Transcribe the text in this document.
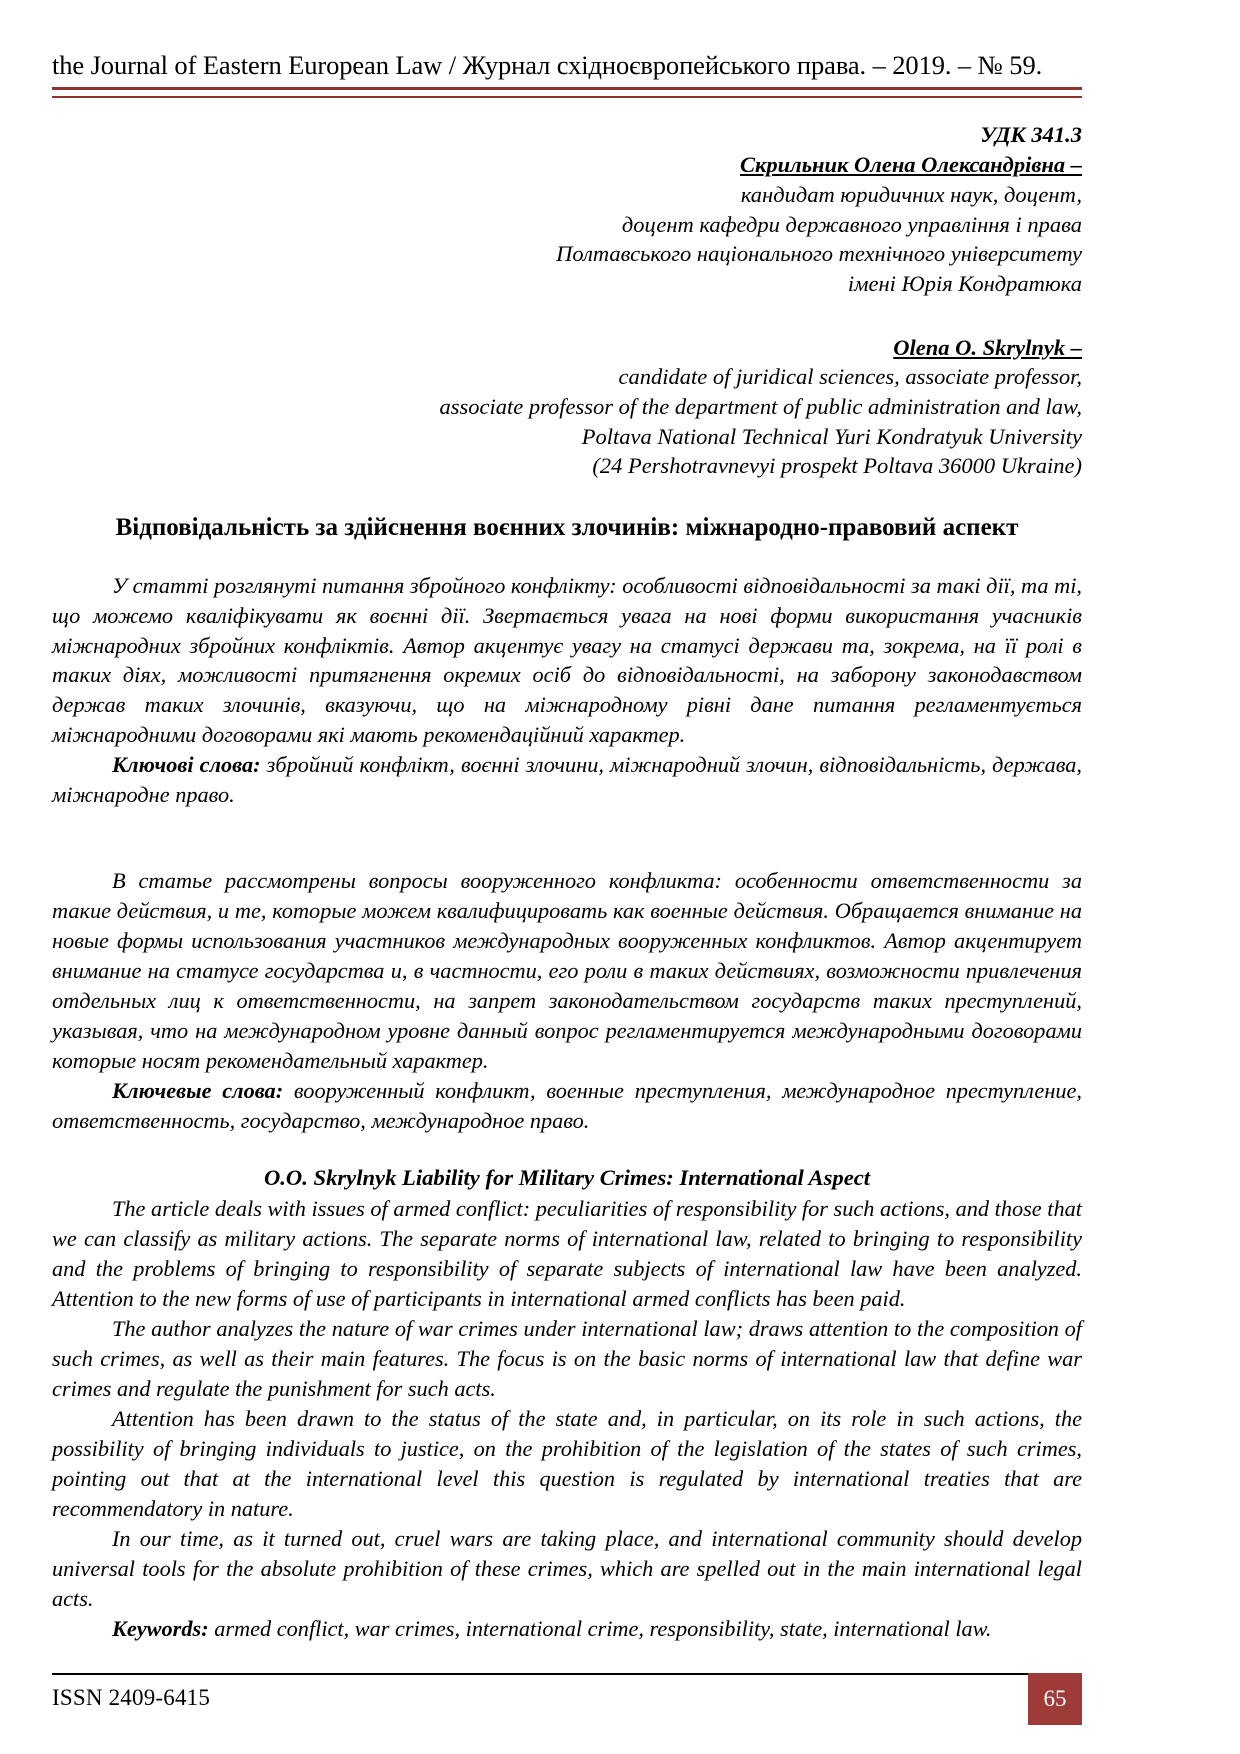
the Journal of Eastern European Law / Журнал східноєвропейського права. – 2019. – № 59.
УДК 341.3
Скрильник Олена Олександрівна –
кандидат юридичних наук, доцент,
доцент кафедри державного управління і права
Полтавського національного технічного університету
імені Юрія Кондратюка
Olena O. Skrylnyk –
candidate of juridical sciences, associate professor,
associate professor of the department of public administration and law,
Poltava National Technical Yuri Kondratyuk University
(24 Pershotravnevyi prospekt Poltava 36000 Ukraine)
Відповідальність за здійснення воєнних злочинів: міжнародно-правовий аспект

У статті розглянуті питання збройного конфлікту: особливості відповідальності за такі дії, та ті, що можемо кваліфікувати як воєнні дії. Звертається увага на нові форми використання учасників міжнародних збройних конфліктів. Автор акцентує увагу на статусі держави та, зокрема, на її ролі в таких діях, можливості притягнення окремих осіб до відповідальності, на заборону законодавством держав таких злочинів, вказуючи, що на міжнародному рівні дане питання регламентується міжнародними договорами які мають рекомендаційний характер.

Ключові слова: збройний конфлікт, воєнні злочини, міжнародний злочин, відповідальність, держава, міжнародне право.

В статье рассмотрены вопросы вооруженного конфликта: особенности ответственности за такие действия, и те, которые можем квалифицировать как военные действия. Обращается внимание на новые формы использования участников международных вооруженных конфликтов. Автор акцентирует внимание на статусе государства и, в частности, его роли в таких действиях, возможности привлечения отдельных лиц к ответственности, на запрет законодательством государств таких преступлений, указывая, что на международном уровне данный вопрос регламентируется международными договорами которые носят рекомендательный характер.

Ключевые слова: вооруженный конфликт, военные преступления, международное преступление, ответственность, государство, международное право.

O.O. Skrylnyk Liability for Military Crimes: International Aspect

The article deals with issues of armed conflict: peculiarities of responsibility for such actions, and those that we can classify as military actions. The separate norms of international law, related to bringing to responsibility and the problems of bringing to responsibility of separate subjects of international law have been analyzed. Attention to the new forms of use of participants in international armed conflicts has been paid.

The author analyzes the nature of war crimes under international law; draws attention to the composition of such crimes, as well as their main features. The focus is on the basic norms of international law that define war crimes and regulate the punishment for such acts.

Attention has been drawn to the status of the state and, in particular, on its role in such actions, the possibility of bringing individuals to justice, on the prohibition of the legislation of the states of such crimes, pointing out that at the international level this question is regulated by international treaties that are recommendatory in nature.

In our time, as it turned out, cruel wars are taking place, and international community should develop universal tools for the absolute prohibition of these crimes, which are spelled out in the main international legal acts.

Keywords: armed conflict, war crimes, international crime, responsibility, state, international law.

ISSN 2409-6415	65
